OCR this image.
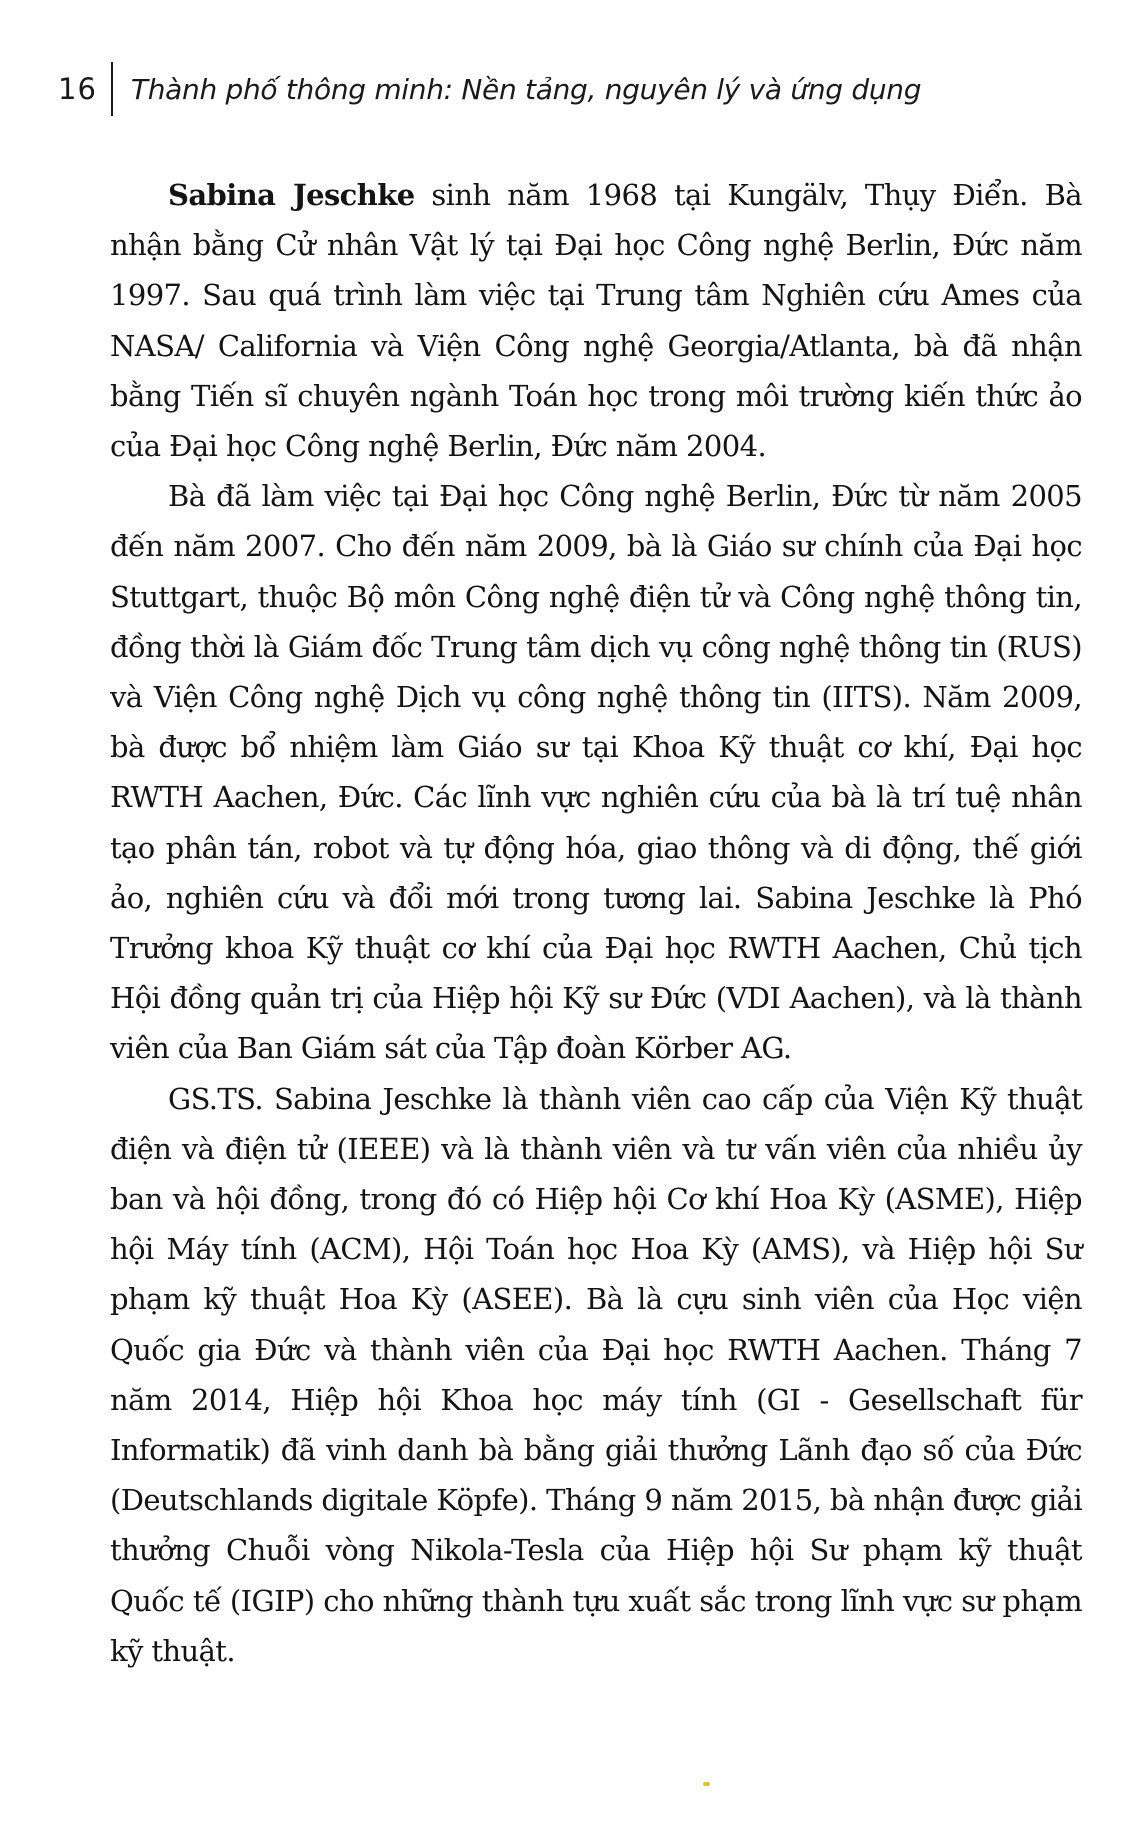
16 Thành phố thông minh: Nền tảng, nguyên lý và ứng dụng

Sabina Jeschke sinh năm 1968 tại Kungälv, Thụy Điển. Bà nhận bằng Cử nhân Vật lý tại Đại học Công nghệ Berlin, Đức năm 1997. Sau quá trình làm việc tại Trung tâm Nghiên cứu Ames của NASA/ California và Viện Công nghệ Georgia/Atlanta, bà đã nhận bằng Tiến sĩ chuyên ngành Toán học trong môi trường kiến thức ảo của Đại học Công nghệ Berlin, Đức năm 2004.

Bà đã làm việc tại Đại học Công nghệ Berlin, Đức từ năm 2005 đến năm 2007. Cho đến năm 2009, bà là Giáo sư chính của Đại học Stuttgart, thuộc Bộ môn Công nghệ điện tử và Công nghệ thông tin, đồng thời là Giám đốc Trung tâm dịch vụ công nghệ thông tin (RUS) và Viện Công nghệ Dịch vụ công nghệ thông tin (IITS). Năm 2009, bà được bổ nhiệm làm Giáo sư tại Khoa Kỹ thuật cơ khí, Đại học RWTH Aachen, Đức. Các lĩnh vực nghiên cứu của bà là trí tuệ nhân tạo phân tán, robot và tự động hóa, giao thông và di động, thế giới ảo, nghiên cứu và đổi mới trong tương lai. Sabina Jeschke là Phó Trưởng khoa Kỹ thuật cơ khí của Đại học RWTH Aachen, Chủ tịch Hội đồng quản trị của Hiệp hội Kỹ sư Đức (VDI Aachen), và là thành viên của Ban Giám sát của Tập đoàn Körber AG.

GS.TS. Sabina Jeschke là thành viên cao cấp của Viện Kỹ thuật điện và điện tử (IEEE) và là thành viên và tư vấn viên của nhiều ủy ban và hội đồng, trong đó có Hiệp hội Cơ khí Hoa Kỳ (ASME), Hiệp hội Máy tính (ACM), Hội Toán học Hoa Kỳ (AMS), và Hiệp hội Sư phạm kỹ thuật Hoa Kỳ (ASEE). Bà là cựu sinh viên của Học viện Quốc gia Đức và thành viên của Đại học RWTH Aachen. Tháng 7 năm 2014, Hiệp hội Khoa học máy tính (GI - Gesellschaft für Informatik) đã vinh danh bà bằng giải thưởng Lãnh đạo số của Đức (Deutschlands digitale Köpfe). Tháng 9 năm 2015, bà nhận được giải thưởng Chuỗi vòng Nikola-Tesla của Hiệp hội Sư phạm kỹ thuật Quốc tế (IGIP) cho những thành tựu xuất sắc trong lĩnh vực sư phạm kỹ thuật.
